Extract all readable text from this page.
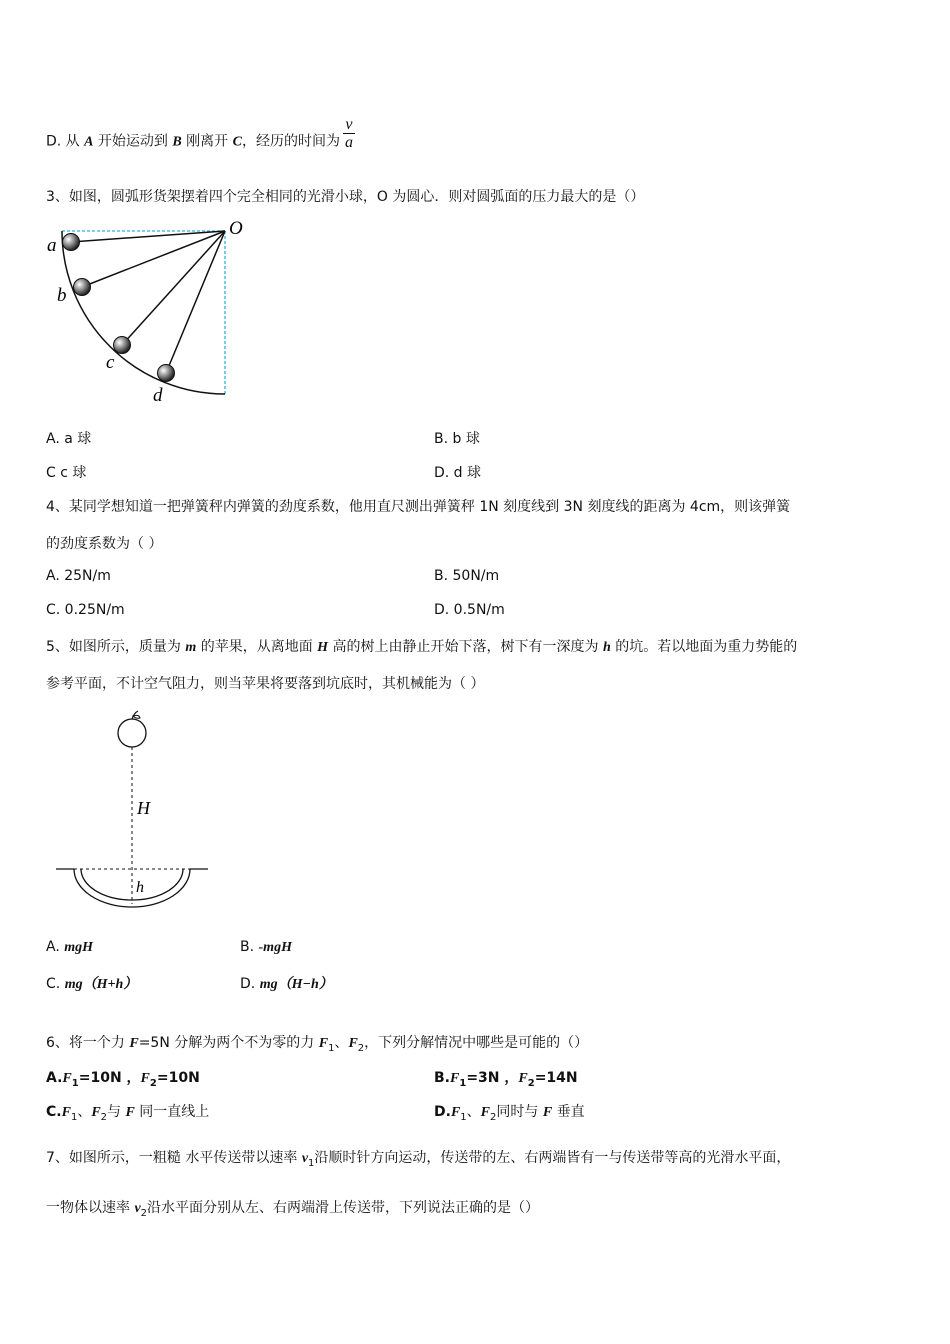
D. 从 A 开始运动到 B 刚离开 C，经历的时间为 $\frac{v}{a}$
3、如图，圆弧形货架摆着四个完全相同的光滑小球，O 为圆心．则对圆弧面的压力最大的是（）
O
a
b
c
d
A. a 球	B. b 球
C c 球	D. d 球
4、某同学想知道一把弹簧秤内弹簧的劲度系数，他用直尺测出弹簧秤 1N 刻度线到 3N 刻度线的距离为 4cm，则该弹簧
的劲度系数为（ ）
A. 25N/m	B. 50N/m
C. 0.25N/m	D. 0.5N/m
5、如图所示，质量为 m 的苹果，从离地面 H 高的树上由静止开始下落，树下有一深度为 h 的坑。若以地面为重力势能的
参考平面，不计空气阻力，则当苹果将要落到坑底时，其机械能为（ ）
H
h
A. mgH	B. -mgH
C. mg（H+h）	D. mg（H−h）
6、将一个力 F=5N 分解为两个不为零的力 $F_1$、$F_2$，下列分解情况中哪些是可能的（）
$A.F_1=10N$ ，$F_2=10N$	$B.F_1=3N$ ，$F_2=14N$
$C.F_1$、$F_2$与 F 同一直线上	$D.F_1$、$F_2$同时与 F 垂直
7、如图所示，一粗糙 水平传送带以速率 $v_1$沿顺时针方向运动，传送带的左、右两端皆有一与传送带等高的光滑水平面，
一物体以速率 $v_2$沿水平面分别从左、右两端滑上传送带，下列说法正确的是（）
